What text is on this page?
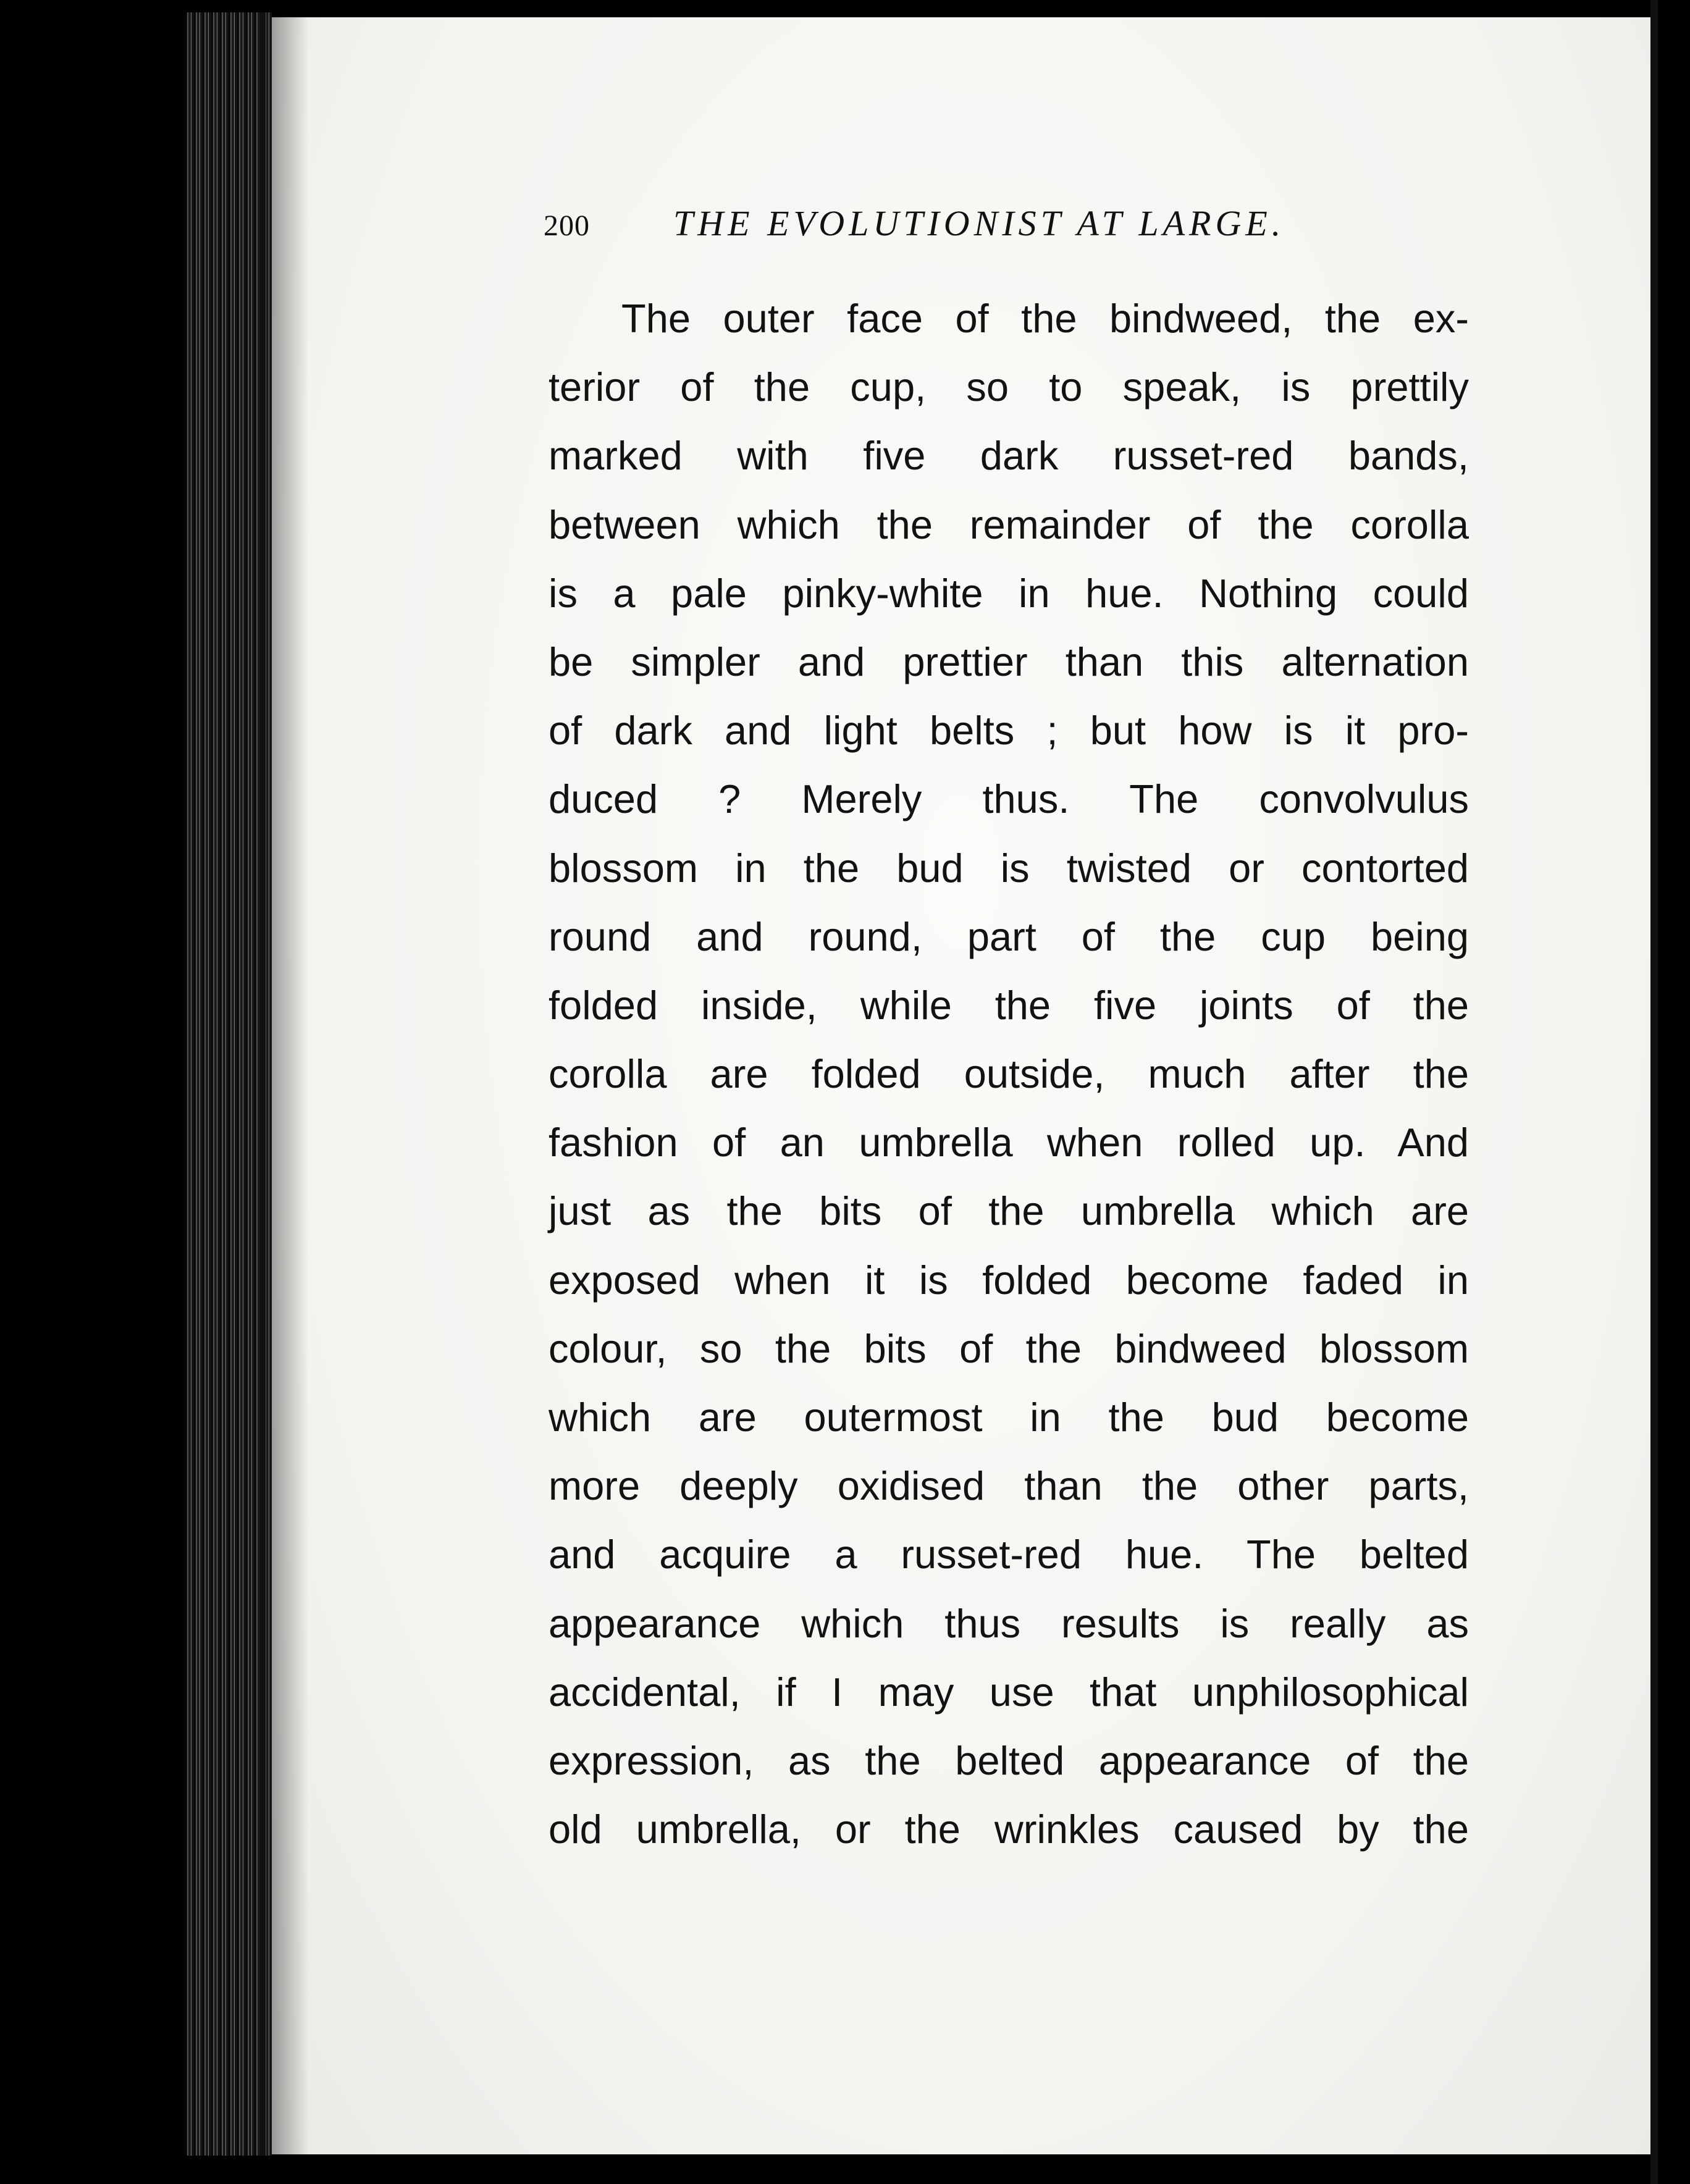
200 THE EVOLUTIONIST AT LARGE.
The outer face of the bindweed, the ex-
terior of the cup, so to speak, is prettily
marked with five dark russet-red bands,
between which the remainder of the corolla
is a pale pinky-white in hue. Nothing could
be simpler and prettier than this alternation
of dark and light belts ; but how is it pro-
duced ? Merely thus. The convolvulus
blossom in the bud is twisted or contorted
round and round, part of the cup being
folded inside, while the five joints of the
corolla are folded outside, much after the
fashion of an umbrella when rolled up. And
just as the bits of the umbrella which are
exposed when it is folded become faded in
colour, so the bits of the bindweed blossom
which are outermost in the bud become
more deeply oxidised than the other parts,
and acquire a russet-red hue. The belted
appearance which thus results is really as
accidental, if I may use that unphilosophical
expression, as the belted appearance of the
old umbrella, or the wrinkles caused by the
